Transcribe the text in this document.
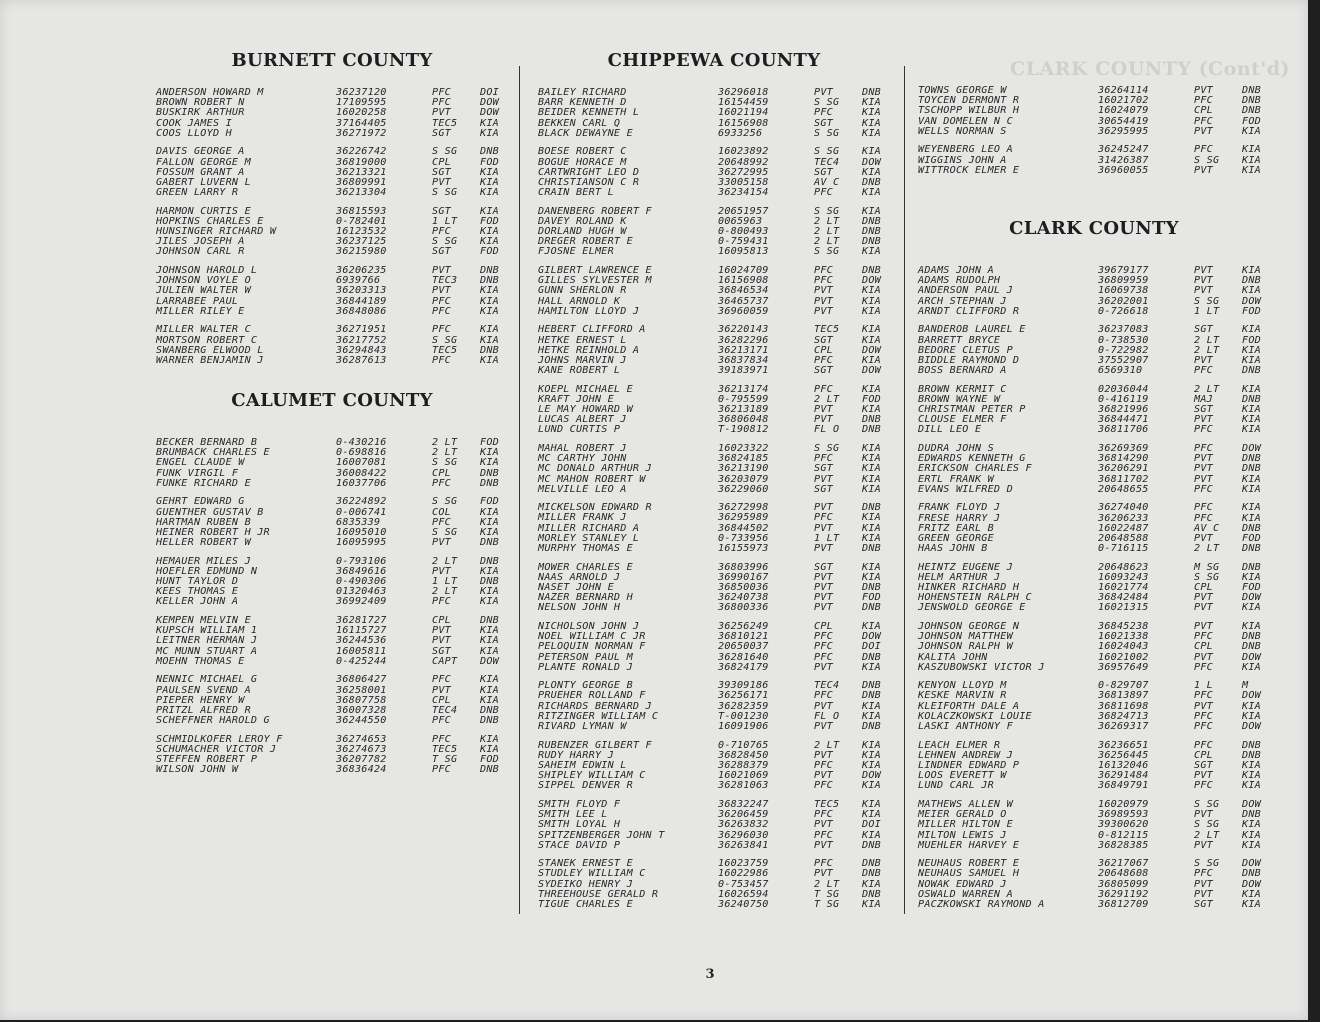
CLARK COUNTY (Cont'd)
BURNETT COUNTY
ANDERSON HOWARD M	36237120	PFC	DOI
BROWN ROBERT N	17109595	PFC	DOW
BUSKIRK ARTHUR	16020258	PVT	DOW
COOK JAMES I	37164405	TEC5 KIA
COOS LLOYD H	36271972	SGT	KIA
DAVIS GEORGE A	36226742	S SG DNB
FALLON GEORGE M	36819000	CPL	FOD
FOSSUM GRANT A	36213321	SGT	KIA
GABERT LUVERN L	36809991	PVT	KIA
GREEN LARRY R	36213304	S SG KIA
HARMON CURTIS E	36815593	SGT	KIA
HOPKINS CHARLES E	0-782401	1 LT FOD
HUNSINGER RICHARD W	16123532	PFC	KIA
JILES JOSEPH A	36237125	S SG KIA
JOHNSON CARL R	36215980	SGT	FOD
JOHNSON HAROLD L	36206235	PVT	DNB
JOHNSON VOYLE O	6939766	TEC3 DNB
JULIEN WALTER W	36203313	PVT	KIA
LARRABEE PAUL	36844189	PFC	KIA
MILLER RILEY E	36848086	PFC	KIA
MILLER WALTER C	36271951	PFC	KIA
MORTSON ROBERT C	36217752	S SG KIA
SWANBERG ELWOOD L	36294843	TEC5 DNB
WARNER BENJAMIN J	36287613	PFC	KIA
CALUMET COUNTY
BECKER BERNARD B	0-430216	2 LT FOD
BRUMBACK CHARLES E	0-698816	2 LT KIA
ENGEL CLAUDE W	16007081	S SG KIA
FUNK VIRGIL F	36008422	CPL	DNB
FUNKE RICHARD E	16037706	PFC	DNB
GEHRT EDWARD G	36224892	S SG FOD
GUENTHER GUSTAV B	0-006741	COL	KIA
HARTMAN RUBEN B	6835339	PFC	KIA
HEINER ROBERT H JR	16095010	S SG KIA
HELLER ROBERT W	16095995	PVT	DNB
HEMAUER MILES J	0-793106	2 LT DNB
HOEFLER EDMUND N	36849616	PVT	KIA
HUNT TAYLOR D	0-490306	1 LT DNB
KEES THOMAS E	01320463	2 LT KIA
KELLER JOHN A	36992409	PFC	KIA
KEMPEN MELVIN E	36281727	CPL	DNB
KUPSCH WILLIAM 1	16115727	PVT	KIA
LEITNER HERMAN J	36244536	PVT	KIA
MC MUNN STUART A	16005811	SGT	KIA
MOEHN THOMAS E	0-425244	CAPT DOW
NENNIC MICHAEL G	36806427	PFC	KIA
PAULSEN SVEND A	36258001	PVT	KIA
PIEPER HENRY W	36807758	CPL	KIA
PRITZL ALFRED R	36007328	TEC4 DNB
SCHEFFNER HAROLD G	36244550	PFC	DNB
SCHMIDLKOFER LEROY F	36274653	PFC	KIA
SCHUMACHER VICTOR J	36274673	TEC5 KIA
STEFFEN ROBERT P	36207782	T SG FOD
WILSON JOHN W	36836424	PFC	DNB
CHIPPEWA COUNTY
BAILEY RICHARD	36296018	PVT	DNB
BARR KENNETH D	16154459	S SG KIA
BEIDER KENNETH L	16021194	PFC	KIA
BEKKEN CARL Q	16156908	SGT	KIA
BLACK DEWAYNE E	6933256	S SG KIA
BOESE ROBERT C	16023892	S SG KIA
BOGUE HORACE M	20648992	TEC4 DOW
CARTWRIGHT LEO D	36272995	SGT	KIA
CHRISTIANSON C R	33005158	AV C DNB
CRAIN BERT L	36234154	PFC	KIA
DANENBERG ROBERT F	20651957	S SG KIA
DAVEY ROLAND K	0065963	2 LT DNB
DORLAND HUGH W	0-800493	2 LT DNB
DREGER ROBERT E	0-759431	2 LT DNB
FJOSNE ELMER	16095813	S SG KIA
GILBERT LAWRENCE E	16024709	PFC	DNB
GILLES SYLVESTER M	16156908	PFC	DOW
GUNN SHERLON R	36846534	PVT	KIA
HALL ARNOLD K	36465737	PVT	KIA
HAMILTON LLOYD J	36960059	PVT	KIA
HEBERT CLIFFORD A	36220143	TEC5 KIA
HETKE ERNEST L	36282296	SGT	KIA
HETKE REINHOLD A	36213171	CPL	DOW
JOHNS MARVIN J	36837834	PFC	KIA
KANE ROBERT L	39183971	SGT	DOW
KOEPL MICHAEL E	36213174	PFC	KIA
KRAFT JOHN E	0-795599	2 LT FOD
LE MAY HOWARD W	36213189	PVT	KIA
LUCAS ALBERT J	36806048	PVT	DNB
LUND CURTIS P	T-190812	FL O DNB
MAHAL ROBERT J	16023322	S SG KIA
MC CARTHY JOHN	36824185	PFC	KIA
MC DONALD ARTHUR J	36213190	SGT	KIA
MC MAHON ROBERT W	36203079	PVT	KIA
MELVILLE LEO A	36229060	SGT	KIA
MICKELSON EDWARD R	36272998	PVT	DNB
MILLER FRANK J	36295989	PFC	KIA
MILLER RICHARD A	36844502	PVT	KIA
MORLEY STANLEY L	0-733956	1 LT KIA
MURPHY THOMAS E	16155973	PVT	DNB
MOWER CHARLES E	36803996	SGT	KIA
NAAS ARNOLD J	36990167	PVT	KIA
NASET JOHN E	36850036	PVT	DNB
NAZER BERNARD H	36240738	PVT	FOD
NELSON JOHN H	36800336	PVT	DNB
NICHOLSON JOHN J	36256249	CPL	KIA
NOEL WILLIAM C JR	36810121	PFC	DOW
PELOQUIN NORMAN F	20650037	PFC	DOI
PETERSON PAUL M	36281640	PFC	DNB
PLANTE RONALD J	36824179	PVT	KIA
PLONTY GEORGE B	39309186	TEC4 DNB
PRUEHER ROLLAND F	36256171	PFC	DNB
RICHARDS BERNARD J	36282359	PVT	KIA
RITZINGER WILLIAM C	T-001230	FL O KIA
RIVARD LYMAN W	16091906	PVT	DNB
RUBENZER GILBERT F	0-710765	2 LT KIA
RUDY HARRY J	36828450	PVT	KIA
SAHEIM EDWIN L	36288379	PFC	KIA
SHIPLEY WILLIAM C	16021069	PVT	DOW
SIPPEL DENVER R	36281063	PFC	KIA
SMITH FLOYD F	36832247	TEC5 KIA
SMITH LEE L	36206459	PFC	KIA
SMITH LOYAL H	36263832	PVT	DOI
SPITZENBERGER JOHN T	36296030	PFC	KIA
STACE DAVID P	36263841	PVT	DNB
STANEK ERNEST E	16023759	PFC	DNB
STUDLEY WILLIAM C	16022986	PVT	DNB
SYDEIKO HENRY J	0-753457	2 LT KIA
THREEHOUSE GERALD R	16026594	T SG DNB
TIGUE CHARLES E	36240750	T SG KIA
TOWNS GEORGE W	36264114	PVT	DNB
TOYCEN DERMONT R	16021702	PFC	DNB
TSCHOPP WILBUR H	16024079	CPL	DNB
VAN DOMELEN N C	30654419	PFC	FOD
WELLS NORMAN S	36295995	PVT	KIA
WEYENBERG LEO A	36245247	PFC	KIA
WIGGINS JOHN A	31426387	S SG KIA
WITTROCK ELMER E	36960055	PVT	KIA
CLARK COUNTY
ADAMS JOHN A	39679177	PVT	KIA
ADAMS RUDOLPH	36809959	PVT	DNB
ANDERSON PAUL J	16069738	PVT	KIA
ARCH STEPHAN J	36202001	S SG DOW
ARNDT CLIFFORD R	0-726618	1 LT FOD
BANDEROB LAUREL E	36237083	SGT	KIA
BARRETT BRYCE	0-738530	2 LT FOD
BEDORE CLETUS P	0-722982	2 LT KIA
BIDDLE RAYMOND D	37552907	PVT	KIA
BOSS BERNARD A	6569310	PFC	DNB
BROWN KERMIT C	02036044	2 LT KIA
BROWN WAYNE W	0-416119	MAJ	DNB
CHRISTMAN PETER P	36821996	SGT	KIA
CLOUSE ELMER F	36844471	PVT	KIA
DILL LEO E	36811706	PFC	KIA
DUDRA JOHN S	36269369	PFC	DOW
EDWARDS KENNETH G	36814290	PVT	DNB
ERICKSON CHARLES F	36206291	PVT	DNB
ERTL FRANK W	36811702	PVT	KIA
EVANS WILFRED D	20648655	PFC	KIA
FRANK FLOYD J	36274040	PFC	KIA
FRESE HARRY J	36206233	PFC	KIA
FRITZ EARL B	16022487	AV C DNB
GREEN GEORGE	20648588	PVT	FOD
HAAS JOHN B	0-716115	2 LT DNB
HEINTZ EUGENE J	20648623	M SG DNB
HELM ARTHUR J	16093243	S SG KIA
HINKER RICHARD H	16021774	CPL	FOD
HOHENSTEIN RALPH C	36842484	PVT	DOW
JENSWOLD GEORGE E	16021315	PVT	KIA
JOHNSON GEORGE N	36845238	PVT	KIA
JOHNSON MATTHEW	16021338	PFC	DNB
JOHNSON RALPH W	16024043	CPL	DNB
KALITA JOHN	16021002	PVT	DOW
KASZUBOWSKI VICTOR J	36957649	PFC	KIA
KENYON LLOYD M	0-829707	1 L	M
KESKE MARVIN R	36813897	PFC	DOW
KLEIFORTH DALE A	36811698	PVT	KIA
KOLACZKOWSKI LOUIE	36824713	PFC	KIA
LASKI ANTHONY F	36269317	PFC	DOW
LEACH ELMER R	36236651	PFC	DNB
LEHNEN ANDREW J	36256445	CPL	DNB
LINDNER EDWARD P	16132046	SGT	KIA
LOOS EVERETT W	36291484	PVT	KIA
LUND CARL JR	36849791	PFC	KIA
MATHEWS ALLEN W	16020979	S SG DOW
MEIER GERALD O	36989593	PVT	DNB
MILLER HILTON E	39300620	S SG KIA
MILTON LEWIS J	0-812115	2 LT KIA
MUEHLER HARVEY E	36828385	PVT	KIA
NEUHAUS ROBERT E	36217067	S SG DOW
NEUHAUS SAMUEL H	20648608	PFC	DNB
NOWAK EDWARD J	36805099	PVT	DOW
OSWALD WARREN A	36291192	PVT	KIA
PACZKOWSKI RAYMOND A	36812709	SGT	KIA
3
